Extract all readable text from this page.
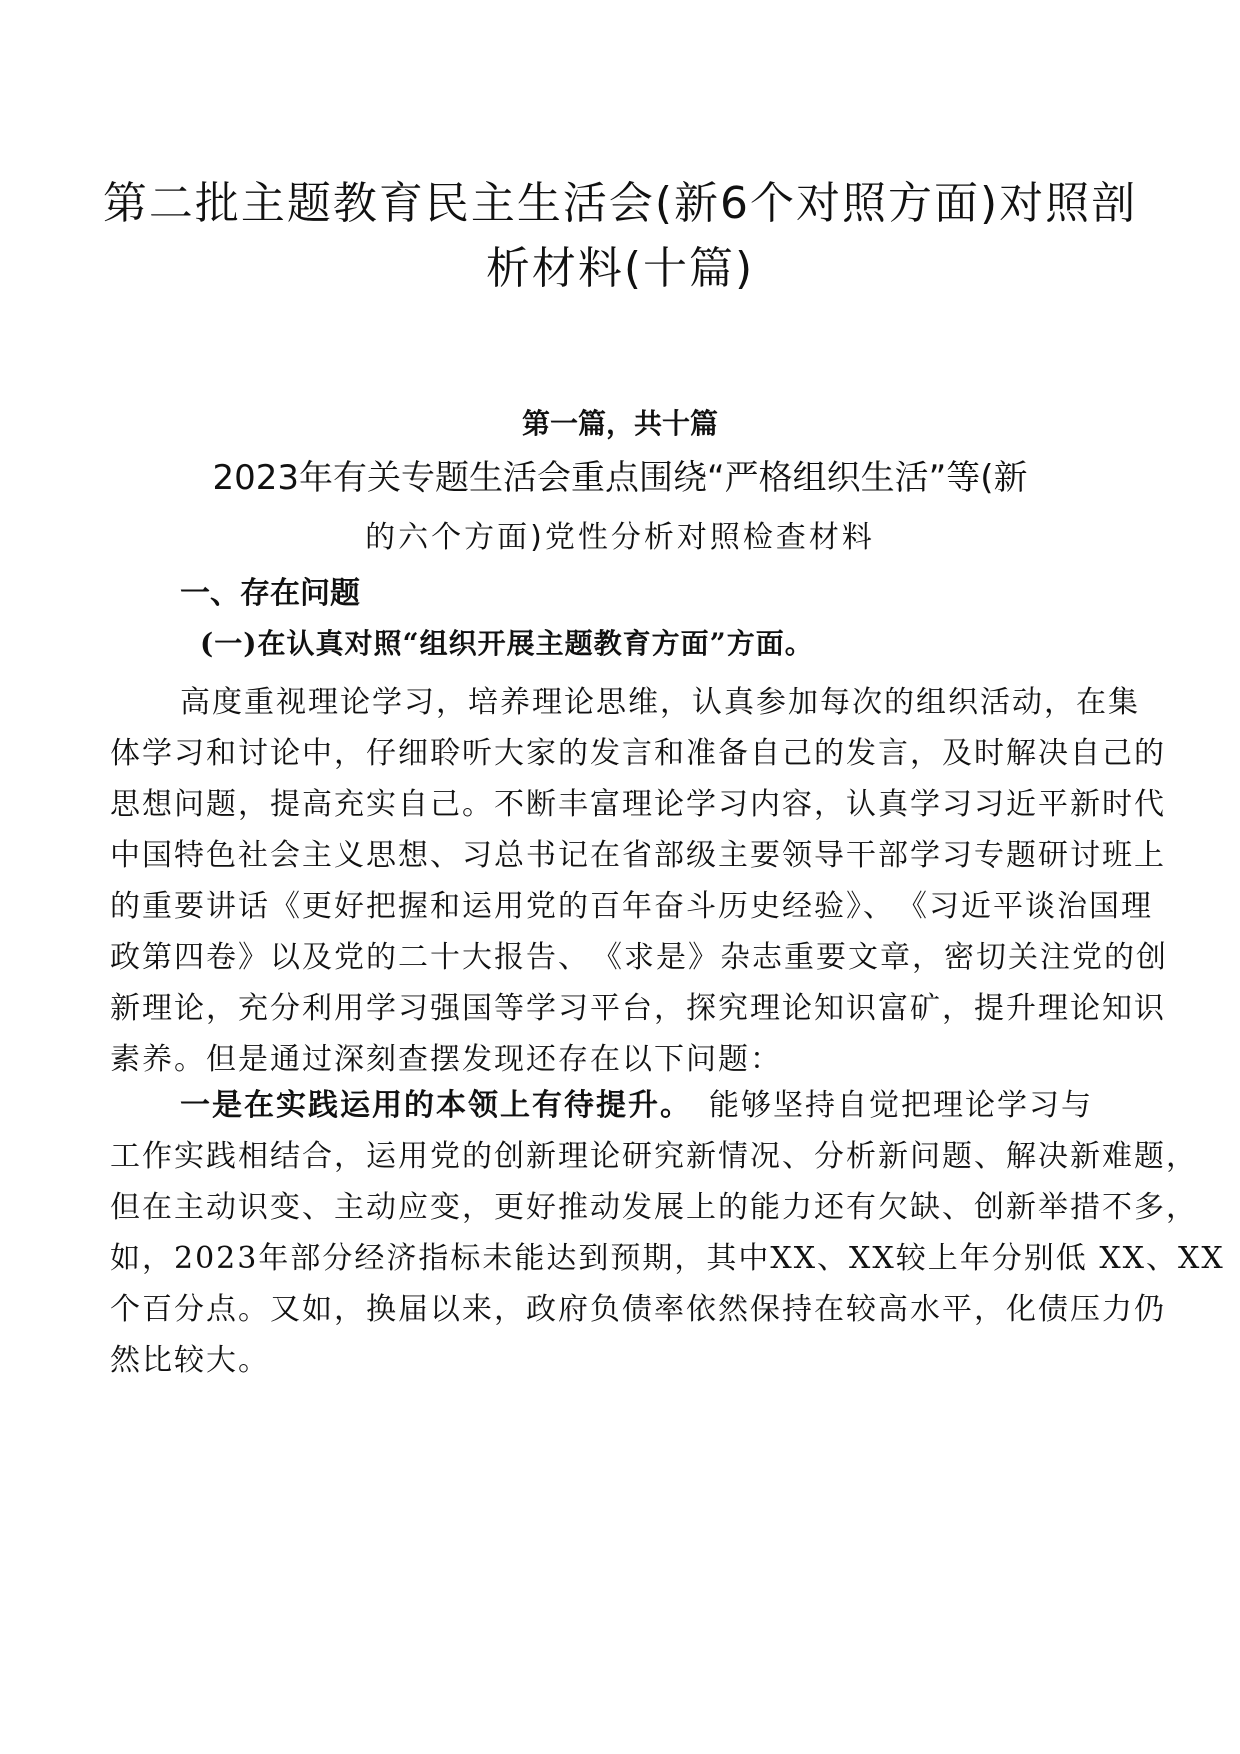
第二批主题教育民主生活会(新6个对照方面)对照剖
析材料(十篇)
第一篇，共十篇
2023年有关专题生活会重点围绕“严格组织生活”等(新
的六个方面)党性分析对照检查材料
一、存在问题
(一)在认真对照“组织开展主题教育方面”方面。
高度重视理论学习，培养理论思维，认真参加每次的组织活动，在集
体学习和讨论中，仔细聆听大家的发言和准备自己的发言，及时解决自己的
思想问题，提高充实自己。不断丰富理论学习内容，认真学习习近平新时代
中国特色社会主义思想、习总书记在省部级主要领导干部学习专题研讨班上
的重要讲话《更好把握和运用党的百年奋斗历史经验》、　《习近平谈治国理
政第四卷》以及党的二十大报告、　《求是》杂志重要文章，密切关注党的创
新理论，充分利用学习强国等学习平台，探究理论知识富矿，提升理论知识
素养。但是通过深刻查摆发现还存在以下问题：
一是在实践运用的本领上有待提升。　能够坚持自觉把理论学习与
工作实践相结合，运用党的创新理论研究新情况、分析新问题、解决新难题，
但在主动识变、主动应变，更好推动发展上的能力还有欠缺、创新举措不多，
如，2023年部分经济指标未能达到预期，其中XX、XX较上年分别低 XX、XX
个百分点。又如，换届以来，政府负债率依然保持在较高水平，化债压力仍
然比较大。
